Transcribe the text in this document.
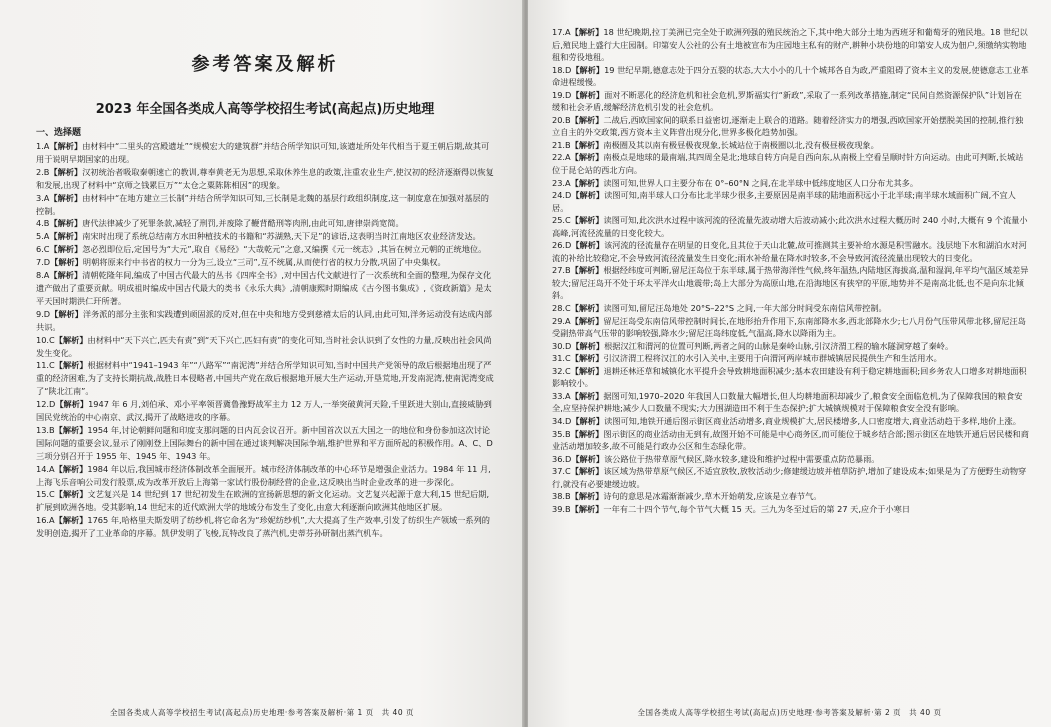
参考答案及解析
2023 年全国各类成人高等学校招生考试(高起点)历史地理
一、选择题

1.A【解析】由材料中“二里头的宫殿遗址”“规模宏大的建筑群”并结合所学知识可知,该遗址所处年代相当于夏王朝后期,故其可用于说明早期国家的出现。

2.B【解析】汉初统治者吸取秦朝速亡的教训,尊奉黄老无为思想,采取休养生息的政策,注重农业生产,使汉初的经济逐渐得以恢复和发展,出现了材料中“京师之钱累巨万”“太仓之粟陈陈相因”的现象。

3.A【解析】由材料中“在地方建立三长制”并结合所学知识可知,三长制是北魏的基层行政组织制度,这一制度意在加强对基层的控制。

4.B【解析】唐代法律减少了死罪条款,减轻了刑罚,并废除了鞭背酷刑等肉刑,由此可知,唐律崇尚宽简。

5.A【解析】南宋时出现了系统总结南方水田种植技术的书籍和“苏湖熟,天下足”的谚语,这表明当时江南地区农业经济发达。

6.C【解析】忽必烈即位后,定国号为“大元”,取自《易经》“大哉乾元”之意,又编撰《元一统志》,其旨在树立元朝的正统地位。

7.D【解析】明朝将原来行中书省的权力一分为三,设立“三司”,互不统属,从而使行省的权力分散,巩固了中央集权。

8.A【解析】清朝乾隆年间,编成了中国古代最大的丛书《四库全书》,对中国古代文献进行了一次系统和全面的整理,为保存文化遗产做出了重要贡献。明成祖时编成中国古代最大的类书《永乐大典》,清朝康熙时期编成《古今图书集成》,《资政新篇》是太平天国时期洪仁玕所著。

9.D【解析】洋务派的部分主张和实践遭到顽固派的反对,但在中央和地方受到慈禧太后的认同,由此可知,洋务运动没有达成内部共识。

10.C【解析】由材料中“天下兴亡,匹夫有责”到“天下兴亡,匹妇有责”的变化可知,当时社会认识到了女性的力量,反映出社会风尚发生变化。

11.C【解析】根据材料中“1941–1943 年”“八路军”“南泥湾”并结合所学知识可知,当时中国共产党领导的敌后根据地出现了严重的经济困难,为了支持长期抗战,战胜日本侵略者,中国共产党在敌后根据地开展大生产运动,开垦荒地,开发南泥湾,使南泥湾变成了“陕北江南”。

12.D【解析】1947 年 6 月,刘伯承、邓小平率领晋冀鲁豫野战军主力 12 万人,一举突破黄河天险,千里跃进大别山,直接威胁到国民党统治的中心南京、武汉,揭开了战略进攻的序幕。

13.B【解析】1954 年,讨论朝鲜问题和印度支那问题的日内瓦会议召开。新中国首次以五大国之一的地位和身份参加这次讨论国际问题的重要会议,显示了刚刚登上国际舞台的新中国在通过谈判解决国际争端,维护世界和平方面所起的积极作用。A、C、D 三项分别召开于 1955 年、1945 年、1943 年。

14.A【解析】1984 年以后,我国城市经济体制改革全面展开。城市经济体制改革的中心环节是增强企业活力。1984 年 11 月,上海飞乐音响公司发行股票,成为改革开放后上海第一家试行股份制经营的企业,这反映出当时企业改革的进一步深化。

15.C【解析】文艺复兴是 14 世纪到 17 世纪初发生在欧洲的宣扬新思想的新文化运动。文艺复兴起源于意大利,15 世纪后期,扩展到欧洲各地。受其影响,14 世纪末的近代欧洲大学的地域分布发生了变化,由意大利逐渐向欧洲其他地区扩展。

16.A【解析】1765 年,哈格里夫斯发明了纺纱机,将它命名为“珍妮纺纱机”,大大提高了生产效率,引发了纺织生产领域一系列的发明创造,揭开了工业革命的序幕。凯伊发明了飞梭,瓦特改良了蒸汽机,史蒂芬孙研制出蒸汽机车。

全国各类成人高等学校招生考试(高起点)历史地理·参考答案及解析·第 1 页　共 40 页

17.A【解析】18 世纪晚期,拉丁美洲已完全处于欧洲列强的殖民统治之下,其中绝大部分土地为西班牙和葡萄牙的殖民地。18 世纪以后,殖民地上盛行大庄园制。印第安人公社的公有土地被宣布为庄园地主私有的财产,耕种小块份地的印第安人成为佃户,须缴纳实物地租和劳役地租。

18.D【解析】19 世纪早期,德意志处于四分五裂的状态,大大小小的几十个城邦各自为政,严重阻碍了资本主义的发展,使德意志工业革命进程缓慢。

19.D【解析】面对不断恶化的经济危机和社会危机,罗斯福实行“新政”,采取了一系列改革措施,制定“民间自然资源保护队”计划旨在缓和社会矛盾,缓解经济危机引发的社会危机。

20.B【解析】二战后,西欧国家间的联系日益密切,逐渐走上联合的道路。随着经济实力的增强,西欧国家开始摆脱美国的控制,推行独立自主的外交政策,西方资本主义阵营出现分化,世界多极化趋势加强。

21.B【解析】南极圈及其以南有极昼极夜现象,长城站位于南极圈以北,没有极昼极夜现象。

22.A【解析】南极点是地球的最南端,其四周全是北;地球自转方向是自西向东,从南极上空看呈顺时针方向运动。由此可判断,长城站位于昆仑站的西北方向。

23.A【解析】读图可知,世界人口主要分布在 0°–60°N 之间,在北半球中低纬度地区人口分布尤其多。

24.D【解析】读图可知,南半球人口分布比北半球少很多,主要原因是南半球的陆地面积远小于北半球;南半球水域面积广阔,不宜人居。

25.C【解析】读图可知,此次洪水过程中该河流的径流量先波动增大后波动减小;此次洪水过程大概历时 240 小时,大概有 9 个流量小高峰,河流径流量的日变化较大。

26.D【解析】该河流的径流量存在明显的日变化,且其位于天山北麓,故可推测其主要补给水源是积雪融水。浅层地下水和湖泊水对河流的补给比较稳定,不会导致河流径流量发生日变化;雨水补给量在降水时较多,不会导致河流径流量出现较大的日变化。

27.B【解析】根据经纬度可判断,留尼汪岛位于东半球,属于热带海洋性气候,终年温热,内陆地区海拔高,温和湿润,年平均气温区域差异较大;留尼汪岛开不处于环太平洋火山地震带;岛上大部分为高原山地,在沿海地区有狭窄的平原,地势并不是南高北低,也不是向东北倾斜。

28.C【解析】读图可知,留尼汪岛地处 20°S–22°S 之间,一年大部分时间受东南信风带控制。

29.A【解析】留尼汪岛受东南信风带控制时间长,在地形抬升作用下,东南部降水多,西北部降水少;七八月份气压带风带北移,留尼汪岛受副热带高气压带的影响较强,降水少;留尼汪岛纬度低,气温高,降水以降雨为主。

30.D【解析】根据汉江和渭河的位置可判断,两者之间的山脉是秦岭山脉,引汉济渭工程的输水隧洞穿越了秦岭。

31.C【解析】引汉济渭工程将汉江的水引入关中,主要用于向渭河两岸城市群城镇居民提供生产和生活用水。

32.C【解析】退耕还林还草和城镇化水平提升会导致耕地面积减少;基本农田建设有利于稳定耕地面积;回乡务农人口增多对耕地面积影响较小。

33.A【解析】据图可知,1970–2020 年我国人口数量大幅增长,但人均耕地面积却减少了,粮食安全面临危机,为了保障我国的粮食安全,应坚持保护耕地;减少人口数量不现实;大力围湖造田不利于生态保护;扩大城镇规模对于保障粮食安全没有影响。

34.D【解析】读图可知,地铁开通后图示街区商业活动增多,商业规模扩大,居民楼增多,人口密度增大,商业活动趋于多样,地价上涨。

35.B【解析】图示街区的商业活动由无到有,故图开始不可能是中心商务区,而可能位于城乡结合部;图示街区在地铁开通后居民楼和商业活动增加较多,故不可能是行政办公区和生态绿化带。

36.D【解析】该公路位于热带草原气候区,降水较多,建设和维护过程中需要重点防范暴雨。

37.C【解析】该区域为热带草原气候区,不适宜放牧,放牧活动少;修建缓边坡并植草防护,增加了建设成本;如果是为了方便野生动物穿行,就没有必要建缓边坡。

38.B【解析】诗句的意思是冰霜渐渐减少,草木开始萌发,应该是立春节气。

39.B【解析】一年有二十四个节气,每个节气大概 15 天。三九为冬至过后的第 27 天,应介于小寒日

全国各类成人高等学校招生考试(高起点)历史地理·参考答案及解析·第 2 页　共 40 页
